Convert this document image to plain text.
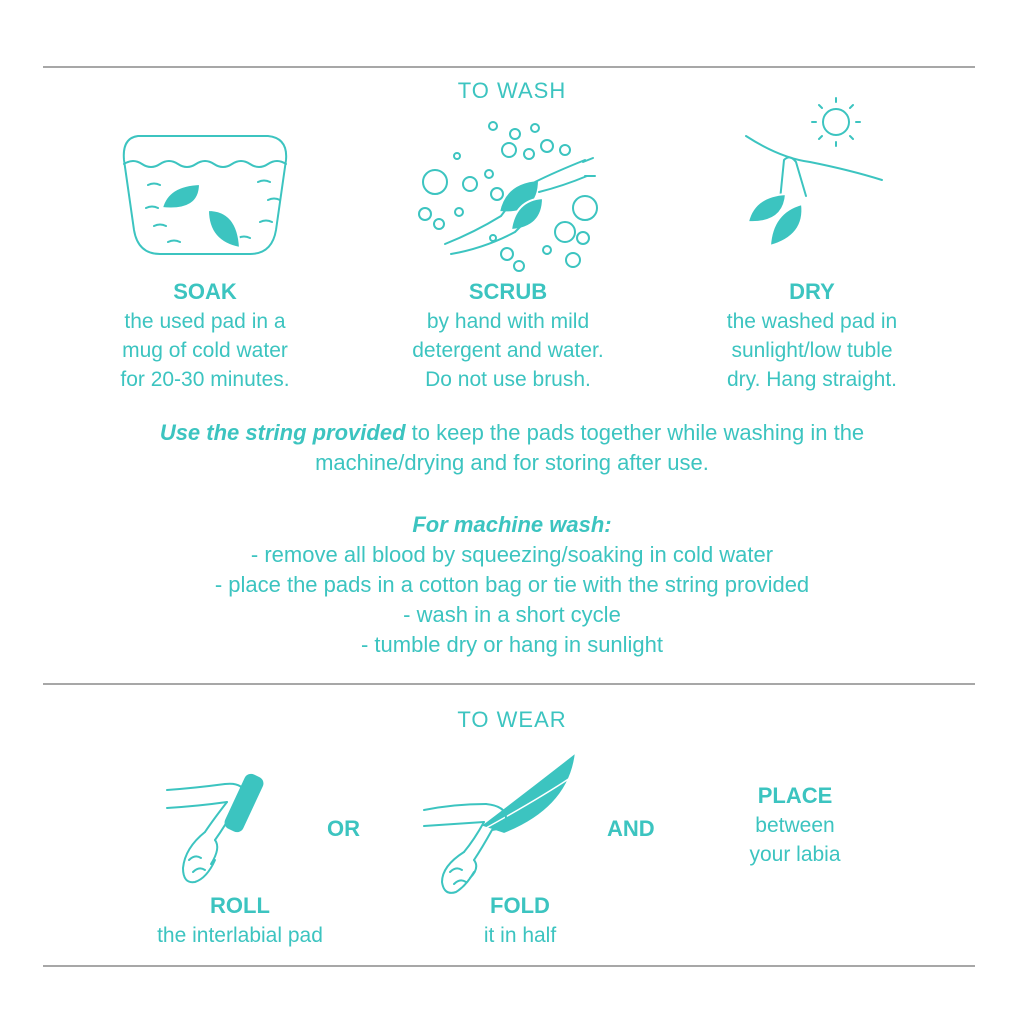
TO WASH
SOAK
the used pad in a
mug of cold water
for 20-30 minutes.
SCRUB
by hand with mild
detergent and water.
Do not use brush.
DRY
the washed pad in
sunlight/low tuble
dry. Hang straight.
Use the string provided to keep the pads together while washing in the
machine/drying and for storing after use.
For machine wash:
- remove all blood by squeezing/soaking in cold water
- place the pads in a cotton bag or tie with the string provided
- wash in a short cycle
- tumble dry or hang in sunlight
TO WEAR
OR	AND
PLACE
between
your labia
ROLL
the interlabial pad
FOLD
it in half
